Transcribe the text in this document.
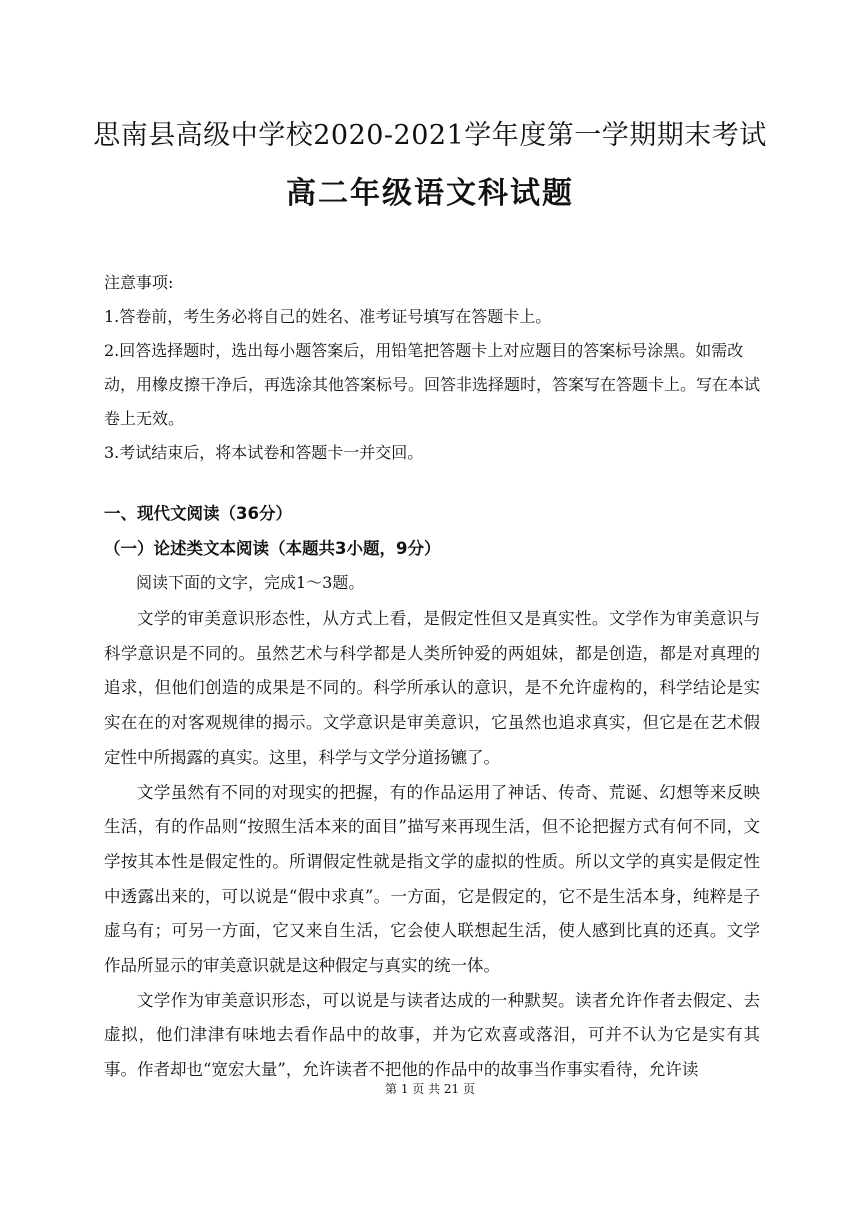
思南县高级中学校2020-2021学年度第一学期期末考试
高二年级语文科试题

注意事项:

1.答卷前，考生务必将自己的姓名、准考证号填写在答题卡上。

2.回答选择题时，选出每小题答案后，用铅笔把答题卡上对应题目的答案标号涂黑。如需改动，用橡皮擦干净后，再选涂其他答案标号。回答非选择题时，答案写在答题卡上。写在本试卷上无效。

3.考试结束后，将本试卷和答题卡一并交回。

一、现代文阅读（36分）
（一）论述类文本阅读（本题共3小题，9分）
阅读下面的文字，完成1～3题。

文学的审美意识形态性，从方式上看，是假定性但又是真实性。文学作为审美意识与科学意识是不同的。虽然艺术与科学都是人类所钟爱的两姐妹，都是创造，都是对真理的追求，但他们创造的成果是不同的。科学所承认的意识，是不允许虚构的，科学结论是实实在在的对客观规律的揭示。文学意识是审美意识，它虽然也追求真实，但它是在艺术假定性中所揭露的真实。这里，科学与文学分道扬镳了。

文学虽然有不同的对现实的把握，有的作品运用了神话、传奇、荒诞、幻想等来反映生活，有的作品则“按照生活本来的面目”描写来再现生活，但不论把握方式有何不同，文学按其本性是假定性的。所谓假定性就是指文学的虚拟的性质。所以文学的真实是假定性中透露出来的，可以说是“假中求真”。一方面，它是假定的，它不是生活本身，纯粹是子虚乌有；可另一方面，它又来自生活，它会使人联想起生活，使人感到比真的还真。文学作品所显示的审美意识就是这种假定与真实的统一体。

文学作为审美意识形态，可以说是与读者达成的一种默契。读者允许作者去假定、去虚拟，他们津津有味地去看作品中的故事，并为它欢喜或落泪，可并不认为它是实有其事。作者却也“宽宏大量”，允许读者不把他的作品中的故事当作事实看待，允许读

第 1 页 共 21 页
